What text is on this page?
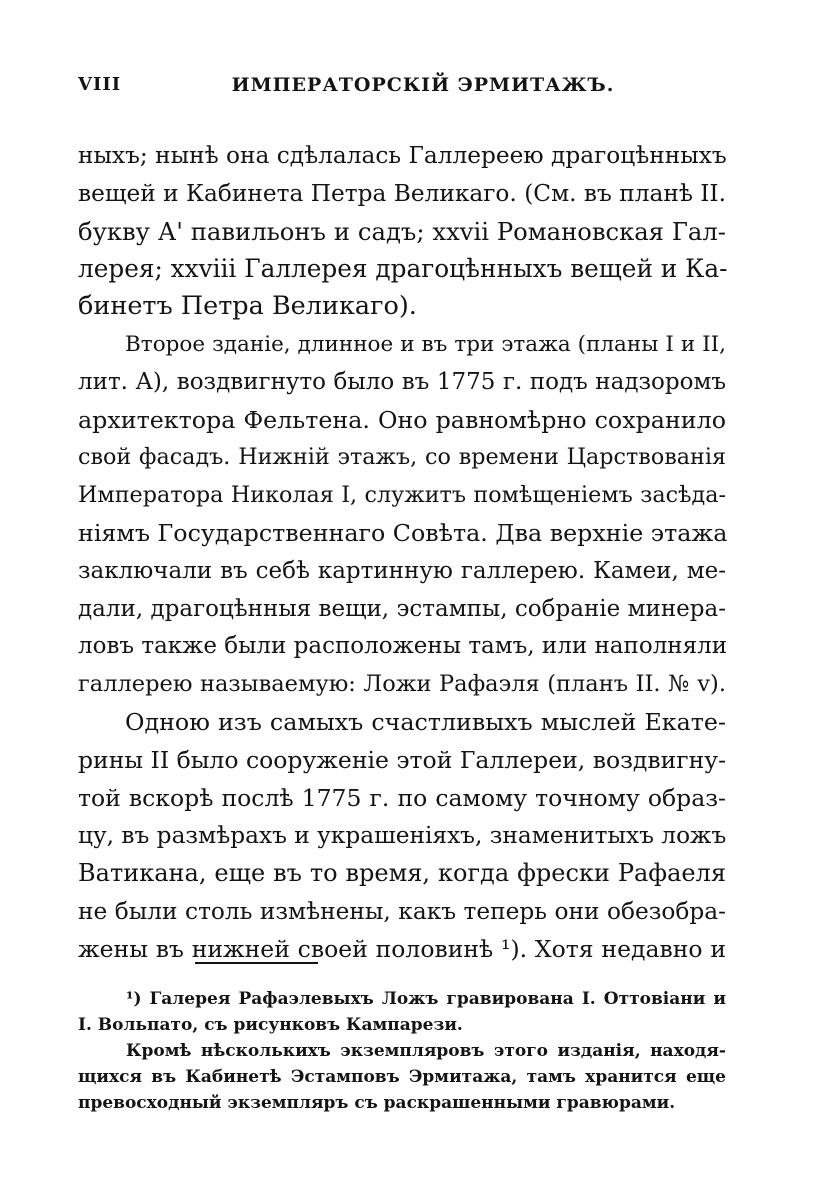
VIII	ИМПЕРАТОРСКІЙ ЭРМИТАЖЪ.
ныхъ; нынѣ она сдѣлалась Галлереею драгоцѣнныхъ
вещей и Кабинета Петра Великаго. (См. въ планѣ II.
букву А' павильонъ и садъ; xxvii Романовская Гал-
лерея; xxviii Галлерея драгоцѣнныхъ вещей и Ка-
бинетъ Петра Великаго).
Второе зданіе, длинное и въ три этажа (планы I и II,
лит. А), воздвигнуто было въ 1775 г. подъ надзоромъ
архитектора Фельтена. Оно равномѣрно сохранило
свой фасадъ. Нижній этажъ, со времени Царствованія
Императора Николая I, служитъ помѣщеніемъ засѣда-
ніямъ Государственнаго Совѣта. Два верхніе этажа
заключали въ себѣ картинную галлерею. Камеи, ме-
дали, драгоцѣнныя вещи, эстампы, собраніе минера-
ловъ также были расположены тамъ, или наполняли
галлерею называемую: Ложи Рафаэля (планъ II. № v).
Одною изъ самыхъ счастливыхъ мыслей Екате-
рины II было сооруженіе этой Галлереи, воздвигну-
той вскорѣ послѣ 1775 г. по самому точному образ-
цу, въ размѣрахъ и украшеніяхъ, знаменитыхъ ложъ
Ватикана, еще въ то время, когда фрески Рафаеля
не были столь измѣнены, какъ теперь они обезобра-
жены въ нижней своей половинѣ ¹). Хотя недавно и
¹) Галерея Рафаэлевыхъ Ложъ гравирована I. Оттовіани и
I. Вольпато, съ рисунковъ Кампарези.
Кромѣ нѣсколькихъ экземпляровъ этого изданія, находя-
щихся въ Кабинетѣ Эстамповъ Эрмитажа, тамъ хранится еще
превосходный экземпляръ съ раскрашенными гравюрами.
